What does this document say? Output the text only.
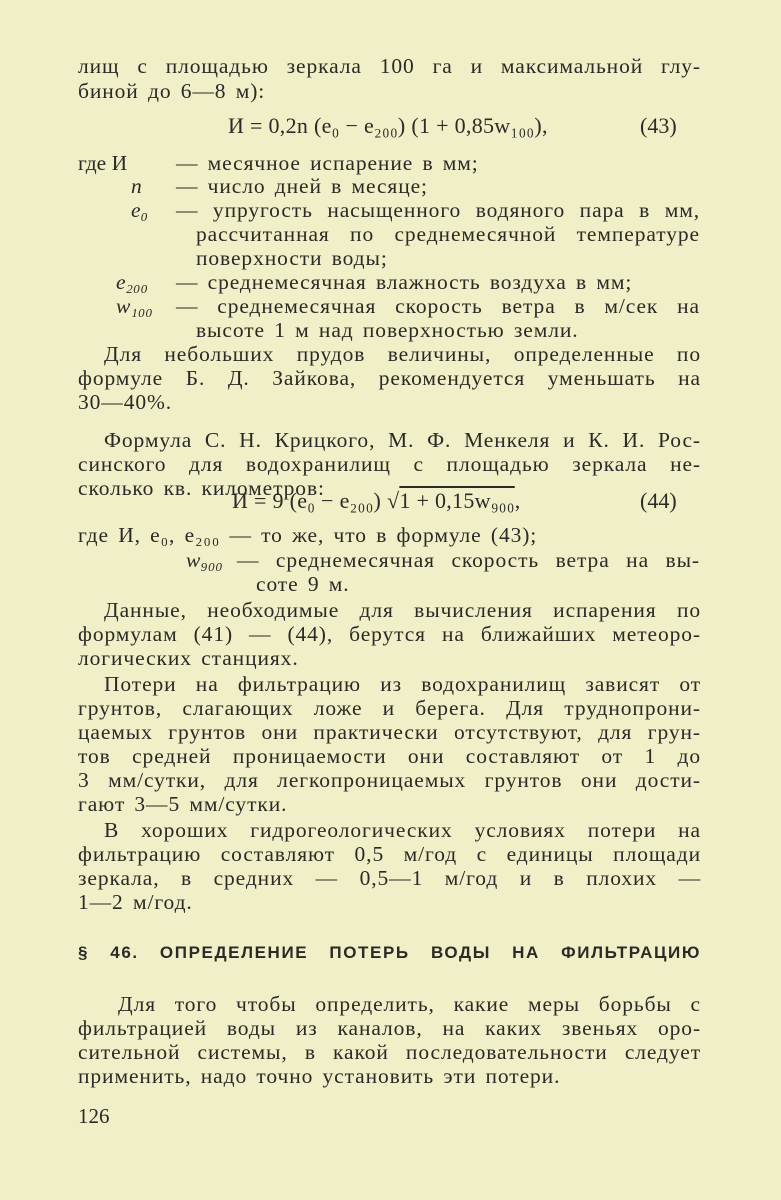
лищ с площадью зеркала 100 га и максимальной глу-
биной до 6—8 м):
И = 0,2n (e₀ − e₂₀₀) (1 + 0,85w₁₀₀),	(43)
где И — месячное испарение в мм;
n — число дней в месяце;
e₀ — упругость насыщенного водяного пара в мм,
рассчитанная по среднемесячной температуре
поверхности воды;
e₂₀₀ — среднемесячная влажность воздуха в мм;
w₁₀₀ — среднемесячная скорость ветра в м/сек на
высоте 1 м над поверхностью земли.
Для небольших прудов величины, определенные по
формуле Б. Д. Зайкова, рекомендуется уменьшать на
30—40%.
Формула С. Н. Крицкого, М. Ф. Менкеля и К. И. Рос-
синского для водохранилищ с площадью зеркала не-
сколько кв. километров:
И = 9 (e₀ − e₂₀₀) √1 + 0,15w₉₀₀,	(44)
где И, e₀, e₂₀₀ — то же, что в формуле (43);
w₉₀₀ — среднемесячная скорость ветра на вы-
соте 9 м.
Данные, необходимые для вычисления испарения по
формулам (41) — (44), берутся на ближайших метеоро-
логических станциях.
Потери на фильтрацию из водохранилищ зависят от
грунтов, слагающих ложе и берега. Для труднопрони-
цаемых грунтов они практически отсутствуют, для грун-
тов средней проницаемости они составляют от 1 до
3 мм/сутки, для легкопроницаемых грунтов они дости-
гают 3—5 мм/сутки.
В хороших гидрогеологических условиях потери на
фильтрацию составляют 0,5 м/год с единицы площади
зеркала, в средних — 0,5—1 м/год и в плохих —
1—2 м/год.
§ 46. ОПРЕДЕЛЕНИЕ ПОТЕРЬ ВОДЫ НА ФИЛЬТРАЦИЮ
Для того чтобы определить, какие меры борьбы с
фильтрацией воды из каналов, на каких звеньях оро-
сительной системы, в какой последовательности следует
применить, надо точно установить эти потери.
126
